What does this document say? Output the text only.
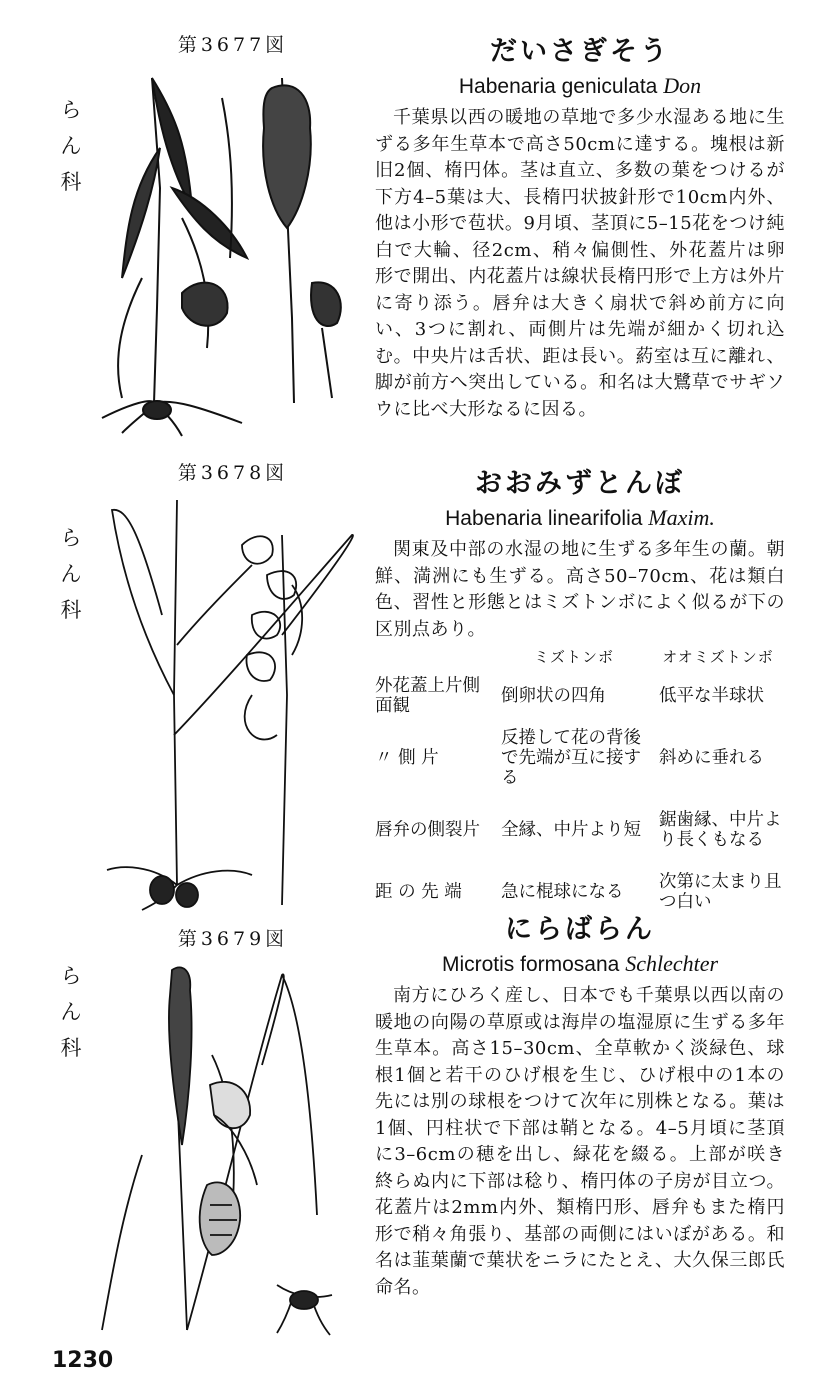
第3677図
ら
ん
科
だいさぎそう
Habenaria geniculata Don

千葉県以西の暖地の草地で多少水湿ある地に生ずる多年生草本で高さ50cmに達する。塊根は新旧2個、楕円体。茎は直立、多数の葉をつけるが下方4–5葉は大、長楕円状披針形で10cm内外、他は小形で苞状。9月頃、茎頂に5–15花をつけ純白で大輪、径2cm、稍々偏側性、外花蓋片は卵形で開出、内花蓋片は線状長楕円形で上方は外片に寄り添う。唇弁は大きく扇状で斜め前方に向い、3つに割れ、両側片は先端が細かく切れ込む。中央片は舌状、距は長い。葯室は互に離れ、脚が前方へ突出している。和名は大鷺草でサギソウに比べ大形なるに因る。

第3678図
ら
ん
科
おおみずとんぼ
Habenaria linearifolia Maxim.

関東及中部の水湿の地に生ずる多年生の蘭。朝鮮、満洲にも生ずる。高さ50–70cm、花は類白色、習性と形態とはミズトンボによく似るが下の区別点あり。

	ミズトンボ	オオミズトンボ
外花蓋上片側面観	倒卵状の四角	低平な半球状
〃 側 片	反捲して花の背後で先端が互に接する	斜めに垂れる
唇弁の側裂片	全縁、中片より短	鋸歯縁、中片より長くもなる
距 の 先 端	急に棍球になる	次第に太まり且つ白い
第3679図
ら
ん
科
にらばらん
Microtis formosana Schlechter

南方にひろく産し、日本でも千葉県以西以南の暖地の向陽の草原或は海岸の塩湿原に生ずる多年生草本。高さ15–30cm、全草軟かく淡緑色、球根1個と若干のひげ根を生じ、ひげ根中の1本の先には別の球根をつけて次年に別株となる。葉は1個、円柱状で下部は鞘となる。4–5月頃に茎頂に3–6cmの穂を出し、緑花を綴る。上部が咲き終らぬ内に下部は稔り、楕円体の子房が目立つ。花蓋片は2mm内外、類楕円形、唇弁もまた楕円形で稍々角張り、基部の両側にはいぼがある。和名は韮葉蘭で葉状をニラにたとえ、大久保三郎氏命名。

1230
